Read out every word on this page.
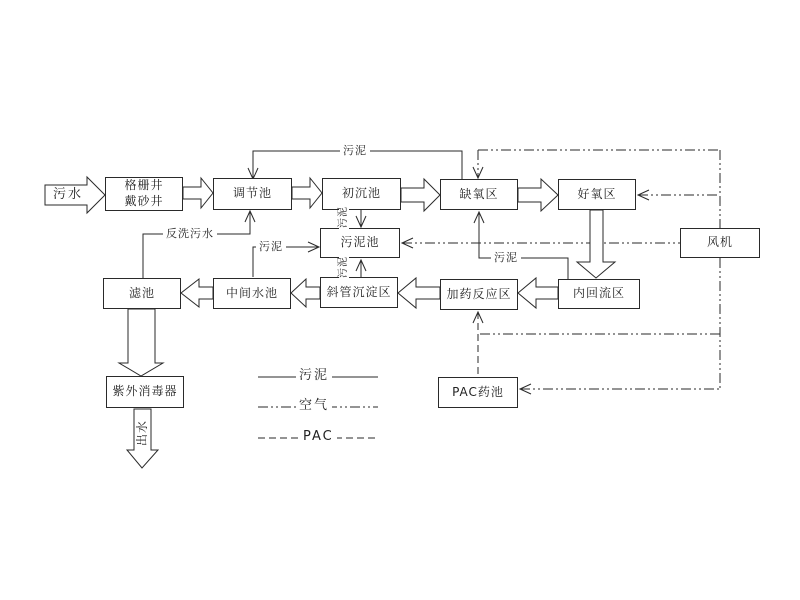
格栅井
戴砂井
调节池	初沉池	缺氧区	好氧区
风机
污泥池
滤池	中间水池	斜管沉淀区	加药反应区	内回流区
紫外消毒器	PAC药池
污水
污泥
反洗污水
污泥
污泥
污泥
污泥
出水
污泥
空气
PAC
